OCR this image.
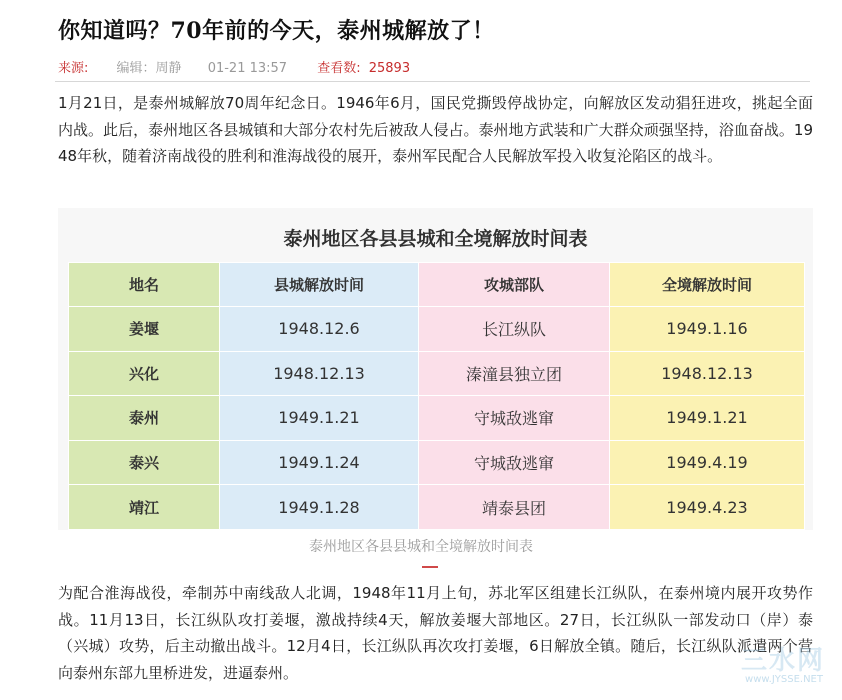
你知道吗？70年前的今天，泰州城解放了！
来源: 编辑：周静 01-21 13:57 查看数: 25893
1月21日，是泰州城解放70周年纪念日。1946年6月，国民党撕毁停战协定，向解放区发动猖狂进攻，挑起全面内战。此后，泰州地区各县城镇和大部分农村先后被敌人侵占。泰州地方武装和广大群众顽强坚持，浴血奋战。1948年秋，随着济南战役的胜利和淮海战役的展开，泰州军民配合人民解放军投入收复沦陷区的战斗。
泰州地区各县县城和全境解放时间表
地名	县城解放时间	攻城部队	全境解放时间
姜堰	1948.12.6	长江纵队	1949.1.16
兴化	1948.12.13	溱潼县独立团	1948.12.13
泰州	1949.1.21	守城敌逃窜	1949.1.21
泰兴	1949.1.24	守城敌逃窜	1949.4.19
靖江	1949.1.28	靖泰县团	1949.4.23
泰州地区各县县城和全境解放时间表
为配合淮海战役，牵制苏中南线敌人北调，1948年11月上旬，苏北军区组建长江纵队，在泰州境内展开攻势作战。11月13日，长江纵队攻打姜堰，激战持续4天，解放姜堰大部地区。27日，长江纵队一部发动口（岸）泰（兴城）攻势，后主动撤出战斗。12月4日，长江纵队再次攻打姜堰，6日解放全镇。随后，长江纵队派遣两个营向泰州东部九里桥进发，进逼泰州。	三水网
www.JYSSE.NET
